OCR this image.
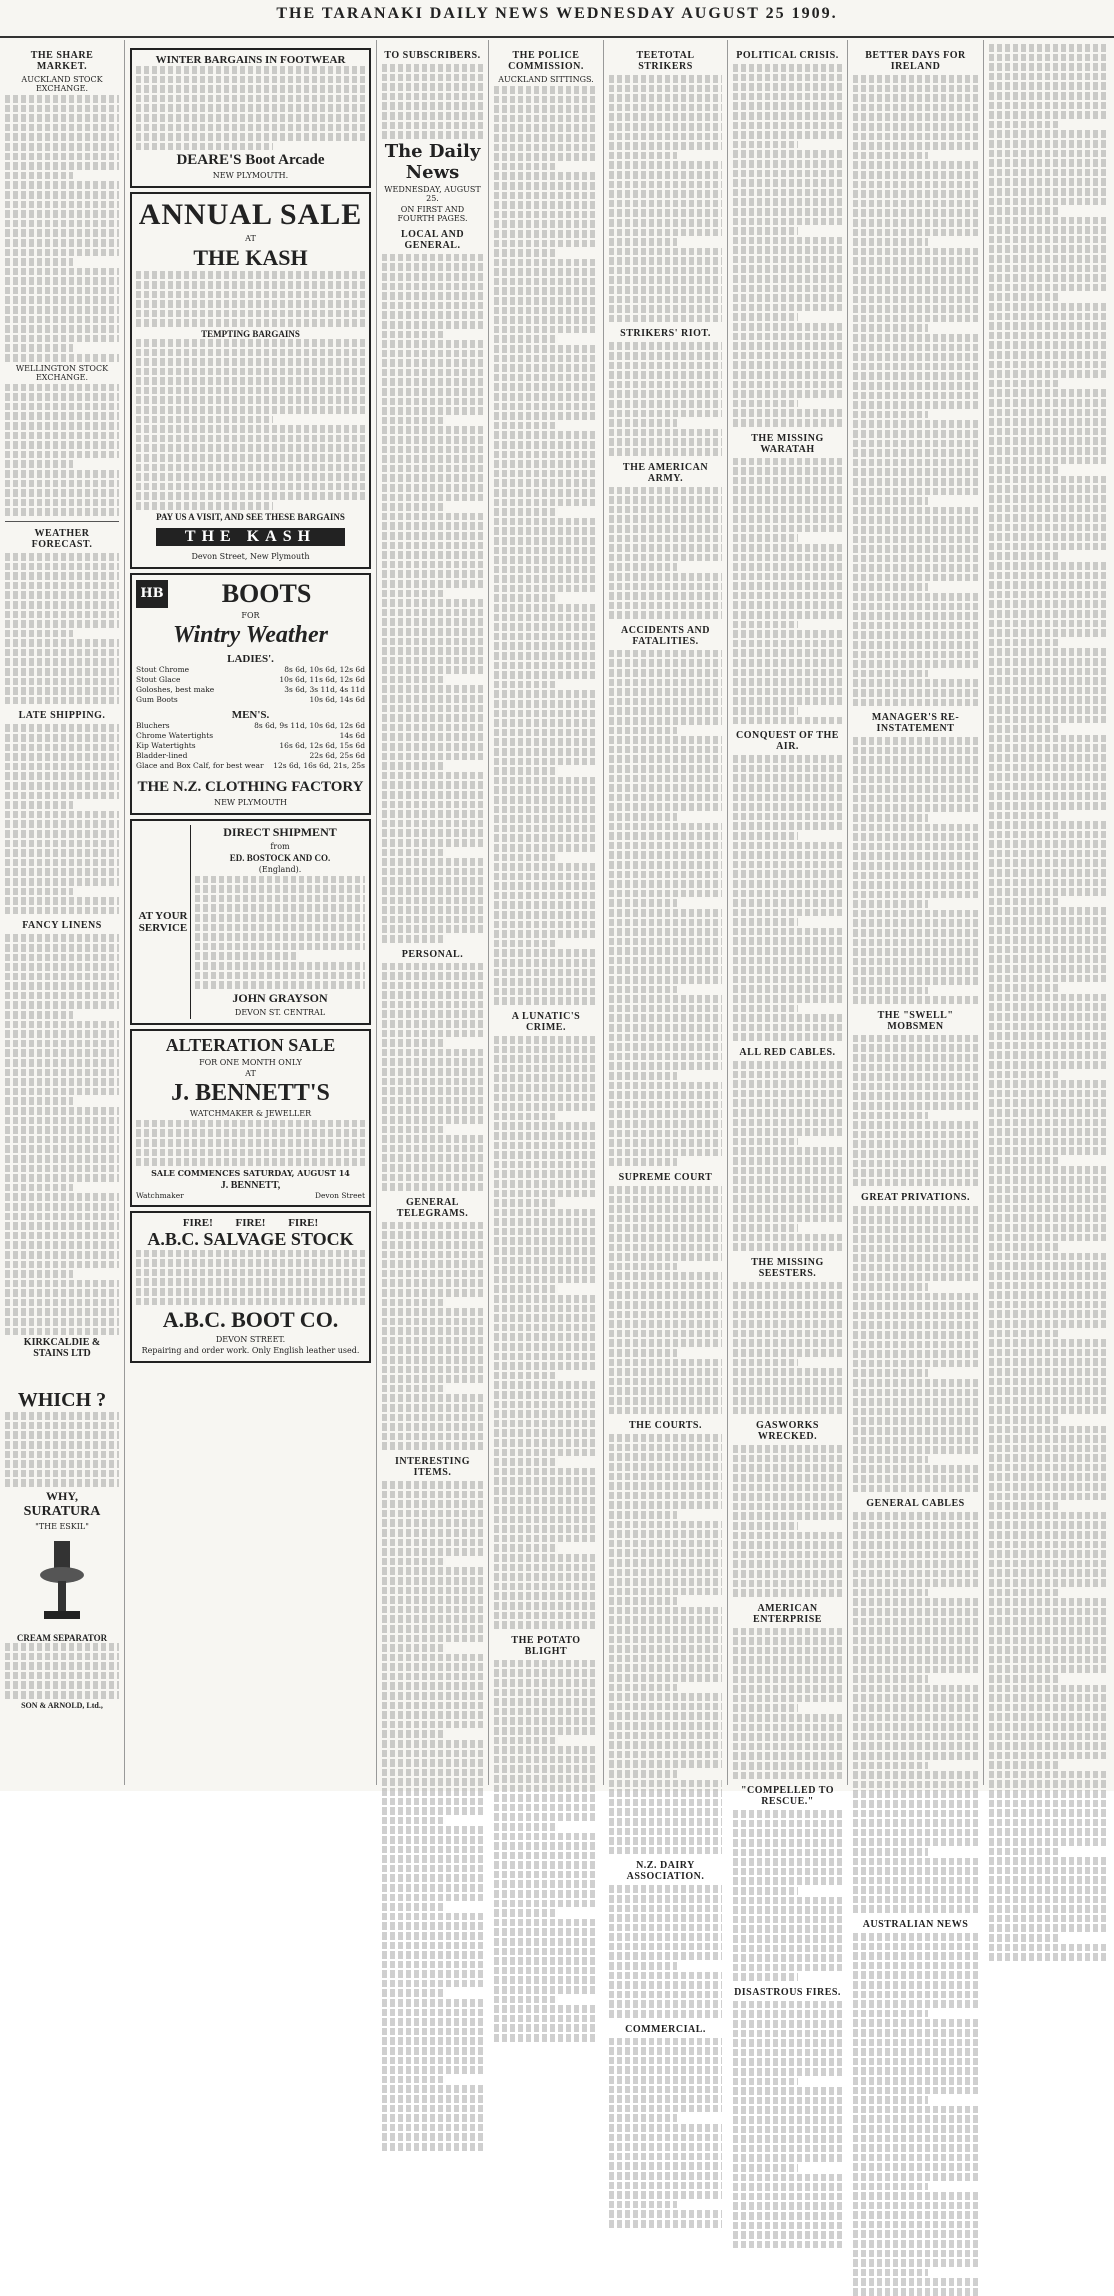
THE TARANAKI DAILY NEWS WEDNESDAY AUGUST 25 1909.
THE SHARE MARKET.
AUCKLAND STOCK EXCHANGE.
WELLINGTON STOCK EXCHANGE.
WEATHER FORECAST.
LATE SHIPPING.
FANCY LINENS
KIRKCALDIE & STAINS LTD
WHICH ?
WHY,
SURATURA
"THE ESKIL"
CREAM SEPARATOR
SON & ARNOLD, Ltd.,
WINTER BARGAINS IN FOOTWEAR
DEARE'S Boot Arcade
NEW PLYMOUTH.
ANNUAL SALE
AT
THE KASH
TEMPTING BARGAINS
PAY US A VISIT, AND SEE THESE BARGAINS
THE KASH
Devon Street, New Plymouth
HB	BOOTS
FOR
Wintry Weather
LADIES'.
Stout Chrome	8s 6d, 10s 6d, 12s 6d
Stout Glace	10s 6d, 11s 6d, 12s 6d
Goloshes, best make	3s 6d, 3s 11d, 4s 11d
Gum Boots	10s 6d, 14s 6d
MEN'S.
Bluchers	8s 6d, 9s 11d, 10s 6d, 12s 6d
Chrome Watertights	14s 6d
Kip Watertights	16s 6d, 12s 6d, 15s 6d
Bladder-lined	22s 6d, 25s 6d
Glace and Box Calf, for best wear 12s 6d, 16s 6d, 21s, 25s
THE N.Z. CLOTHING FACTORY
NEW PLYMOUTH
AT YOUR SERVICE
DIRECT SHIPMENT
from
ED. BOSTOCK AND CO.
(England).
JOHN GRAYSON
DEVON ST. CENTRAL
ALTERATION SALE
FOR ONE MONTH ONLY
AT
J. BENNETT'S
WATCHMAKER & JEWELLER
SALE COMMENCES SATURDAY, AUGUST 14
J. BENNETT,
Watchmaker	Devon Street
FIRE! FIRE! FIRE!
A.B.C. SALVAGE STOCK
A.B.C. BOOT CO.
DEVON STREET.
Repairing and order work. Only English leather used.
TO SUBSCRIBERS.
The Daily News
WEDNESDAY, AUGUST 25.
ON FIRST AND FOURTH PAGES.
LOCAL AND GENERAL.
PERSONAL.
GENERAL TELEGRAMS.
INTERESTING ITEMS.
THE POLICE COMMISSION.
AUCKLAND SITTINGS.
A LUNATIC'S CRIME.
THE POTATO BLIGHT
TEETOTAL STRIKERS
STRIKERS' RIOT.
THE AMERICAN ARMY.
ACCIDENTS AND FATALITIES.
SUPREME COURT
THE COURTS.
N.Z. DAIRY ASSOCIATION.
COMMERCIAL.
POLITICAL CRISIS.
THE MISSING WARATAH
CONQUEST OF THE AIR.
ALL RED CABLES.
THE MISSING SEESTERS.
GASWORKS WRECKED.
AMERICAN ENTERPRISE
"COMPELLED TO RESCUE."
DISASTROUS FIRES.
BETTER DAYS FOR IRELAND
MANAGER'S RE-INSTATEMENT
THE "SWELL" MOBSMEN
GREAT PRIVATIONS.
GENERAL CABLES
AUSTRALIAN NEWS
